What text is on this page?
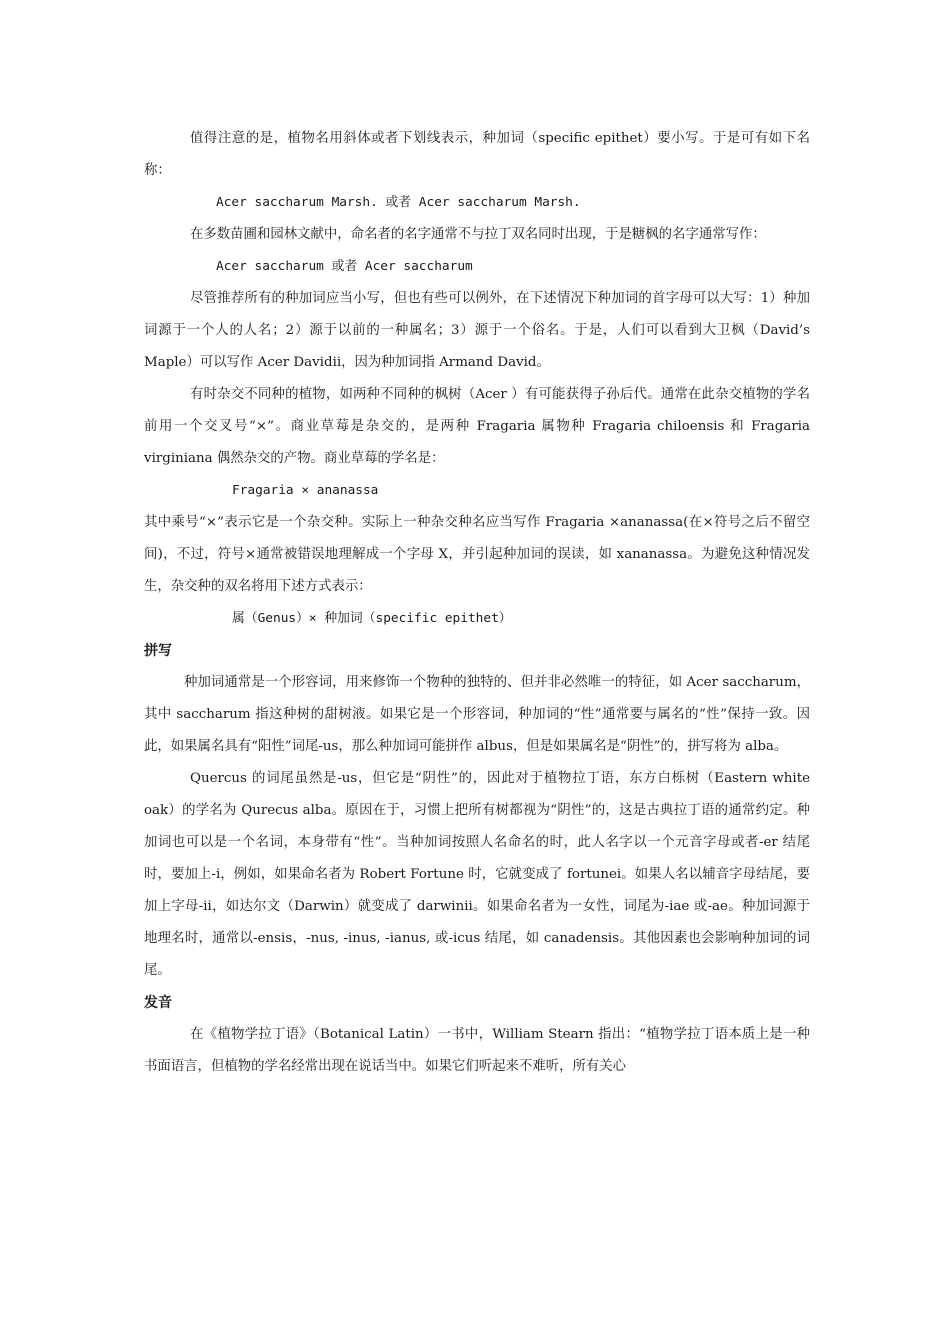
值得注意的是，植物名用斜体或者下划线表示，种加词（specific epithet）要小写。于是可有如下名称：

Acer saccharum Marsh. 或者 Acer saccharum Marsh.

在多数苗圃和园林文献中，命名者的名字通常不与拉丁双名同时出现，于是糖枫的名字通常写作：

Acer saccharum 或者 Acer saccharum

尽管推荐所有的种加词应当小写，但也有些可以例外，在下述情况下种加词的首字母可以大写：1）种加词源于一个人的人名；2）源于以前的一种属名；3）源于一个俗名。于是，人们可以看到大卫枫（David’s Maple）可以写作 Acer Davidii，因为种加词指 Armand David。

有时杂交不同种的植物，如两种不同种的枫树（Acer ）有可能获得子孙后代。通常在此杂交植物的学名前用一个交叉号“×”。商业草莓是杂交的，是两种 Fragaria 属物种 Fragaria chiloensis 和 Fragaria virginiana 偶然杂交的产物。商业草莓的学名是：

Fragaria × ananassa

其中乘号“×”表示它是一个杂交种。实际上一种杂交种名应当写作 Fragaria ×ananassa(在×符号之后不留空间)，不过，符号×通常被错误地理解成一个字母 X，并引起种加词的误读，如 xananassa。为避免这种情况发生，杂交种的双名将用下述方式表示：

属（Genus）× 种加词（specific epithet）

拼写

种加词通常是一个形容词，用来修饰一个物种的独特的、但并非必然唯一的特征，如 Acer saccharum，其中 saccharum 指这种树的甜树液。如果它是一个形容词，种加词的“性”通常要与属名的“性”保持一致。因此，如果属名具有“阳性”词尾-us，那么种加词可能拼作 albus，但是如果属名是“阴性”的，拼写将为 alba。

Quercus 的词尾虽然是-us，但它是“阴性”的，因此对于植物拉丁语，东方白栎树（Eastern white oak）的学名为 Qurecus alba。原因在于，习惯上把所有树都视为“阴性”的，这是古典拉丁语的通常约定。种加词也可以是一个名词，本身带有“性”。当种加词按照人名命名的时，此人名字以一个元音字母或者-er 结尾时，要加上-i，例如，如果命名者为 Robert Fortune 时，它就变成了 fortunei。如果人名以辅音字母结尾，要加上字母-ii，如达尔文（Darwin）就变成了 darwinii。如果命名者为一女性，词尾为-iae 或-ae。种加词源于地理名时，通常以-ensis，-nus, -inus, -ianus, 或-icus 结尾，如 canadensis。其他因素也会影响种加词的词尾。

发音

在《植物学拉丁语》（Botanical Latin）一书中，William Stearn 指出：“植物学拉丁语本质上是一种书面语言，但植物的学名经常出现在说话当中。如果它们听起来不难听，所有关心
